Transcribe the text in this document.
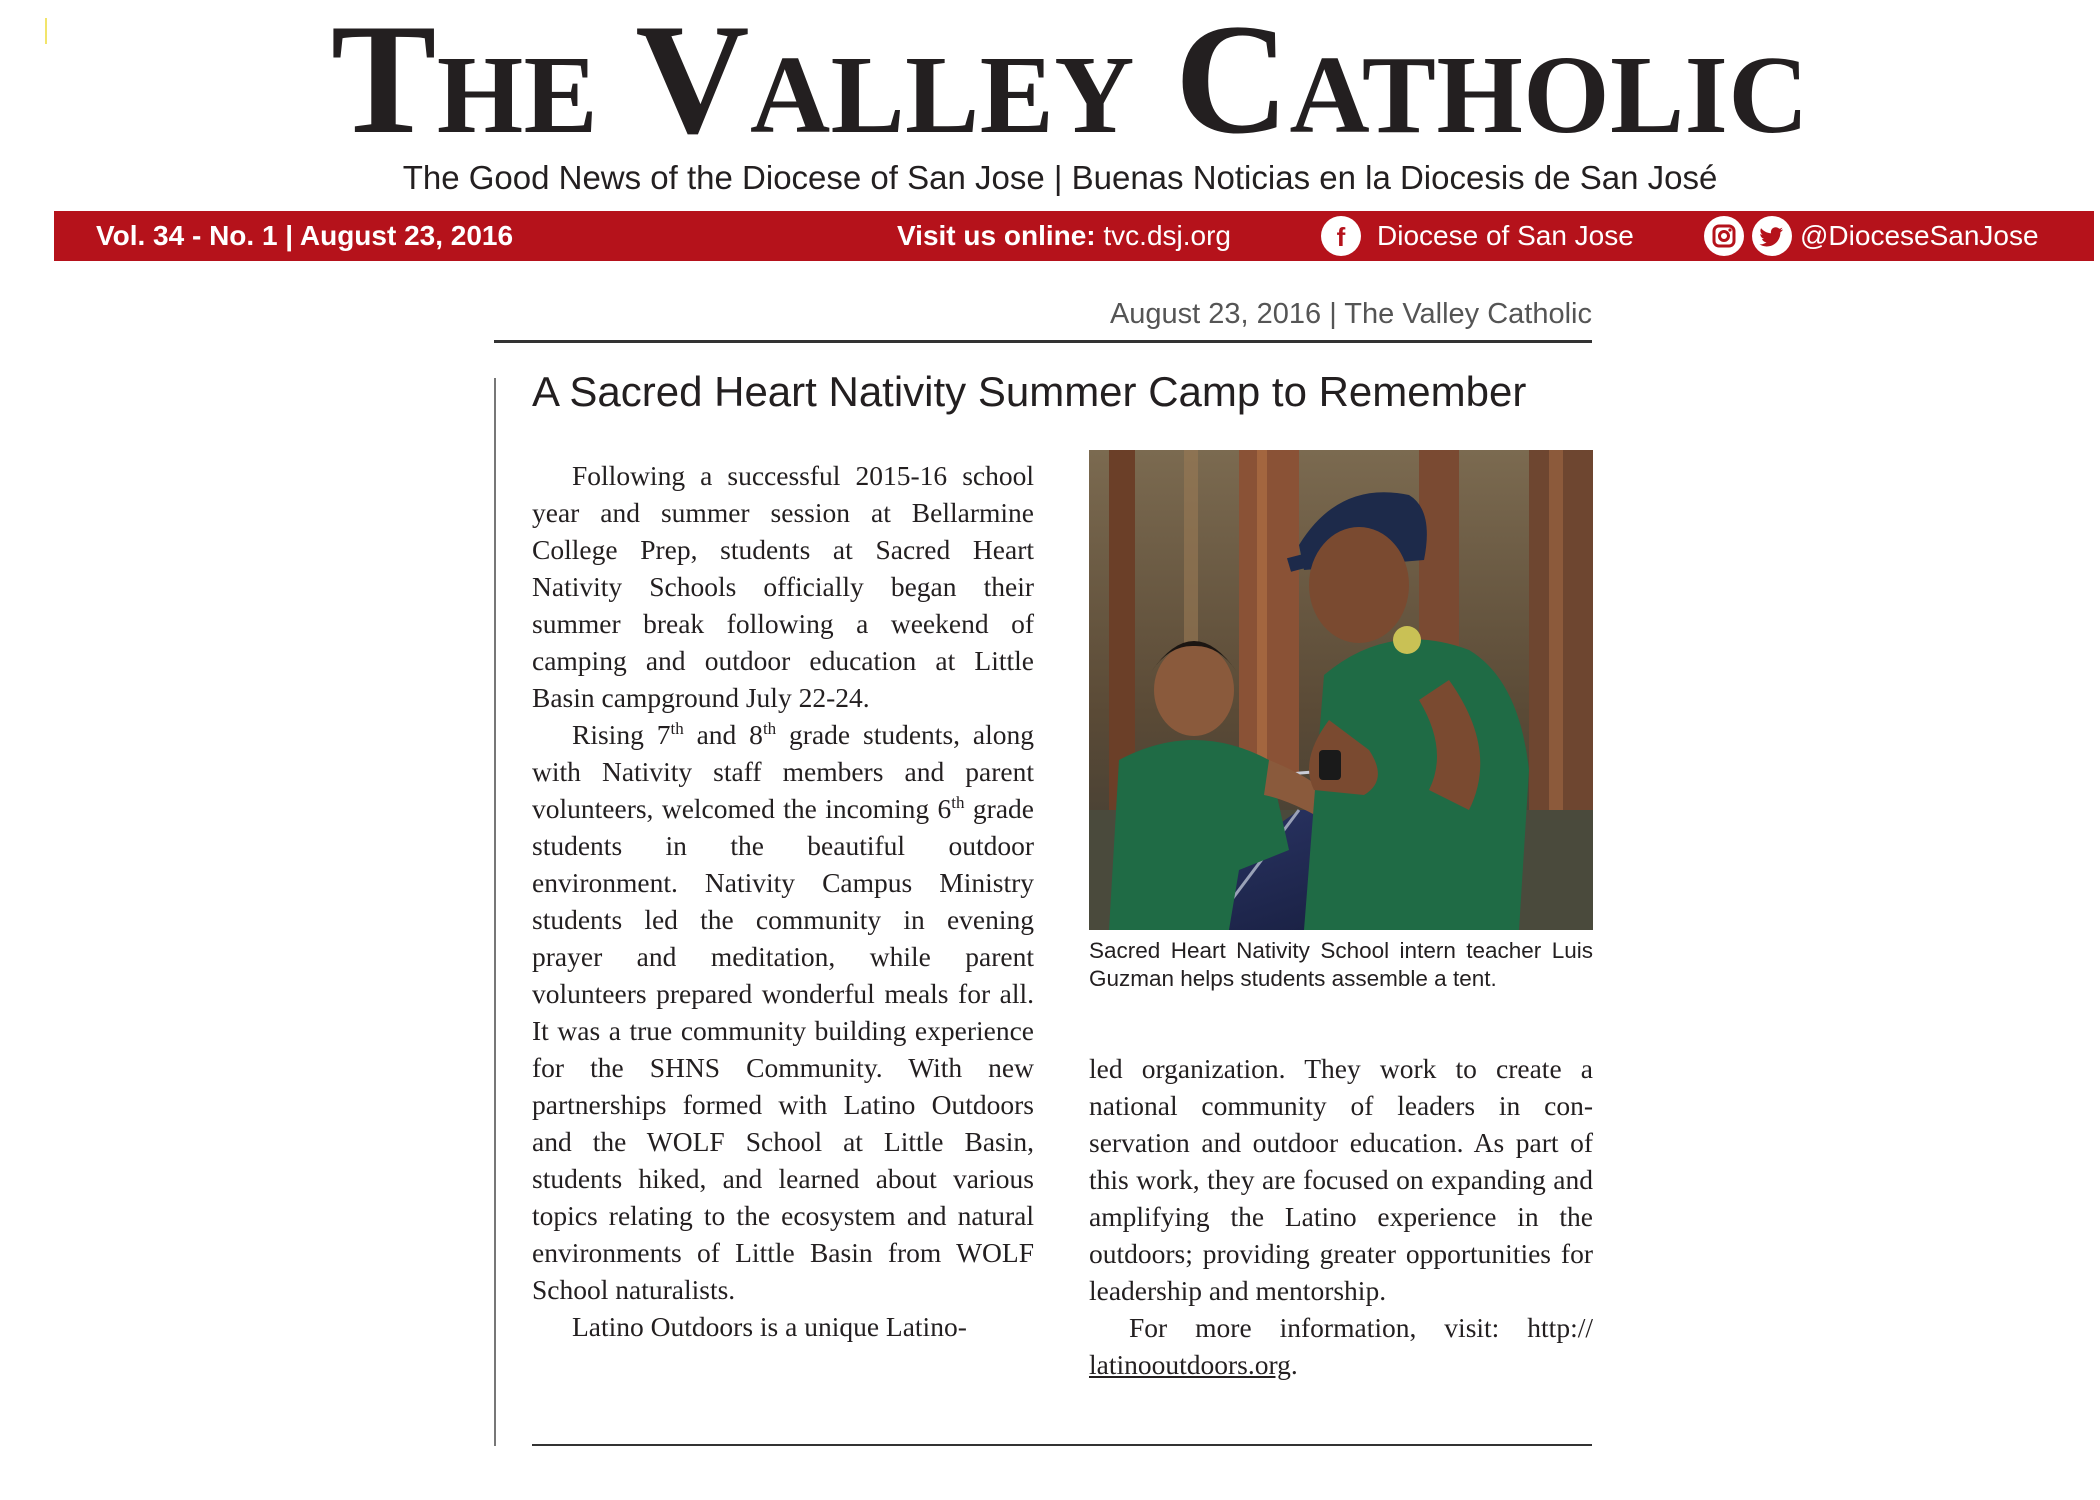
The Valley Catholic
The Good News of the Diocese of San Jose | Buenas Noticias en la Diocesis de San José
Vol. 34 - No. 1 | August 23, 2016	Visit us online: tvc.dsj.org	f Diocese of San Jose	@DioceseSanJose
August 23, 2016 | The Valley Catholic
A Sacred Heart Nativity Summer Camp to Remember

Following a successful 2015-16 school year and summer session at Bellarmine College Prep, students at Sacred Heart Nativity Schools officially began their summer break following a weekend of camping and outdoor education at Little Basin campground July 22-24.

Rising 7th and 8th grade students, along with Nativity staff members and parent volunteers, welcomed the incoming 6th grade students in the beautiful outdoor environment. Nativity Campus Ministry students led the community in evening prayer and meditation, while parent volunteers prepared wonderful meals for all. It was a true community building experience for the SHNS Community. With new partnerships formed with Latino Outdoors and the WOLF School at Little Basin, students hiked, and learned about various topics relating to the ecosystem and natural environments of Little Basin from WOLF School naturalists.

Latino Outdoors is a unique Latino-

Sacred Heart Nativity School intern teacher Luis Guzman helps students assemble a tent.

led organization. They work to create a national community of leaders in conservation and outdoor education. As part of this work, they are focused on expanding and amplifying the Latino experience in the outdoors; providing greater opportunities for leadership and mentorship.

For more information, visit: http:// latinooutdoors.org.
